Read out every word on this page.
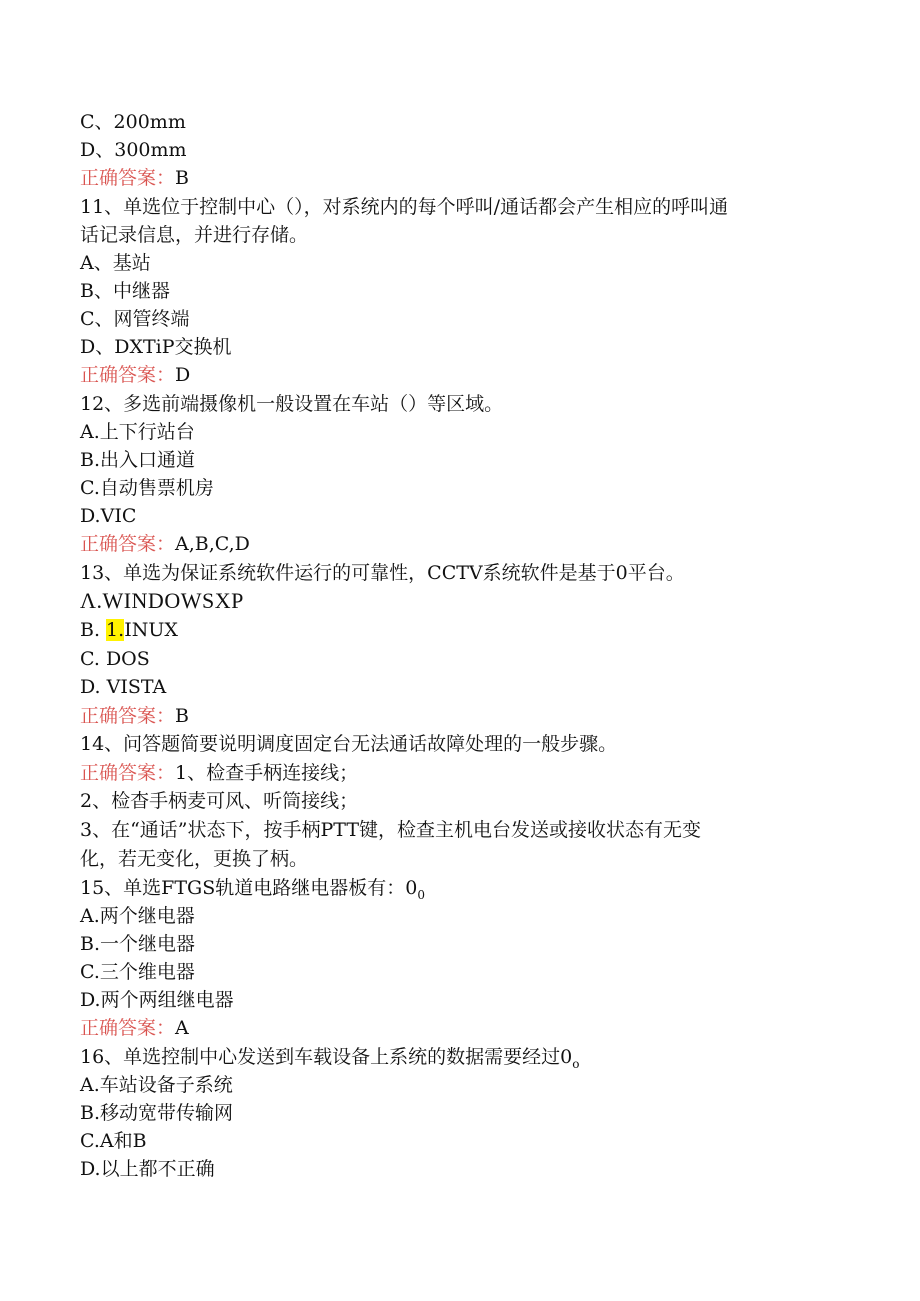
C、200mm
D、300mm
正确答案：B
11、单选位于控制中心（），对系统内的每个呼叫/通话都会产生相应的呼叫通
话记录信息，并进行存储。
A、基站
B、中继器
C、网管终端
D、DXTiP交换机
正确答案：D
12、多选前端摄像机一般设置在车站（）等区域。
A.上下行站台
B.出入口通道
C.自动售票机房
D.VIC
正确答案：A,B,C,D
13、单选为保证系统软件运行的可靠性，CCTV系统软件是基于0平台。
Λ.WINDOWSXP
B. 1.INUX
C. DOS
D. VISTA
正确答案：B
14、问答题简要说明调度固定台无法通话故障处理的一般步骤。
正确答案：1、检查手柄连接线；
2、检杳手柄麦可风、听筒接线；
3、在“通话”状态下，按手柄PTT键，检查主机电台发送或接收状态有无变
化，若无变化，更换了柄。
15、单选FTGS轨道电路继电器板有：$0_0$
A.两个继电器
B.一个继电器
C.三个维电器
D.两个两组继电器
正确答案：A
16、单选控制中心发送到车载设备上系统的数据需要经过$0_o$
A.车站设备子系统
B.移动宽带传输网
C.A和B
D.以上都不正确
